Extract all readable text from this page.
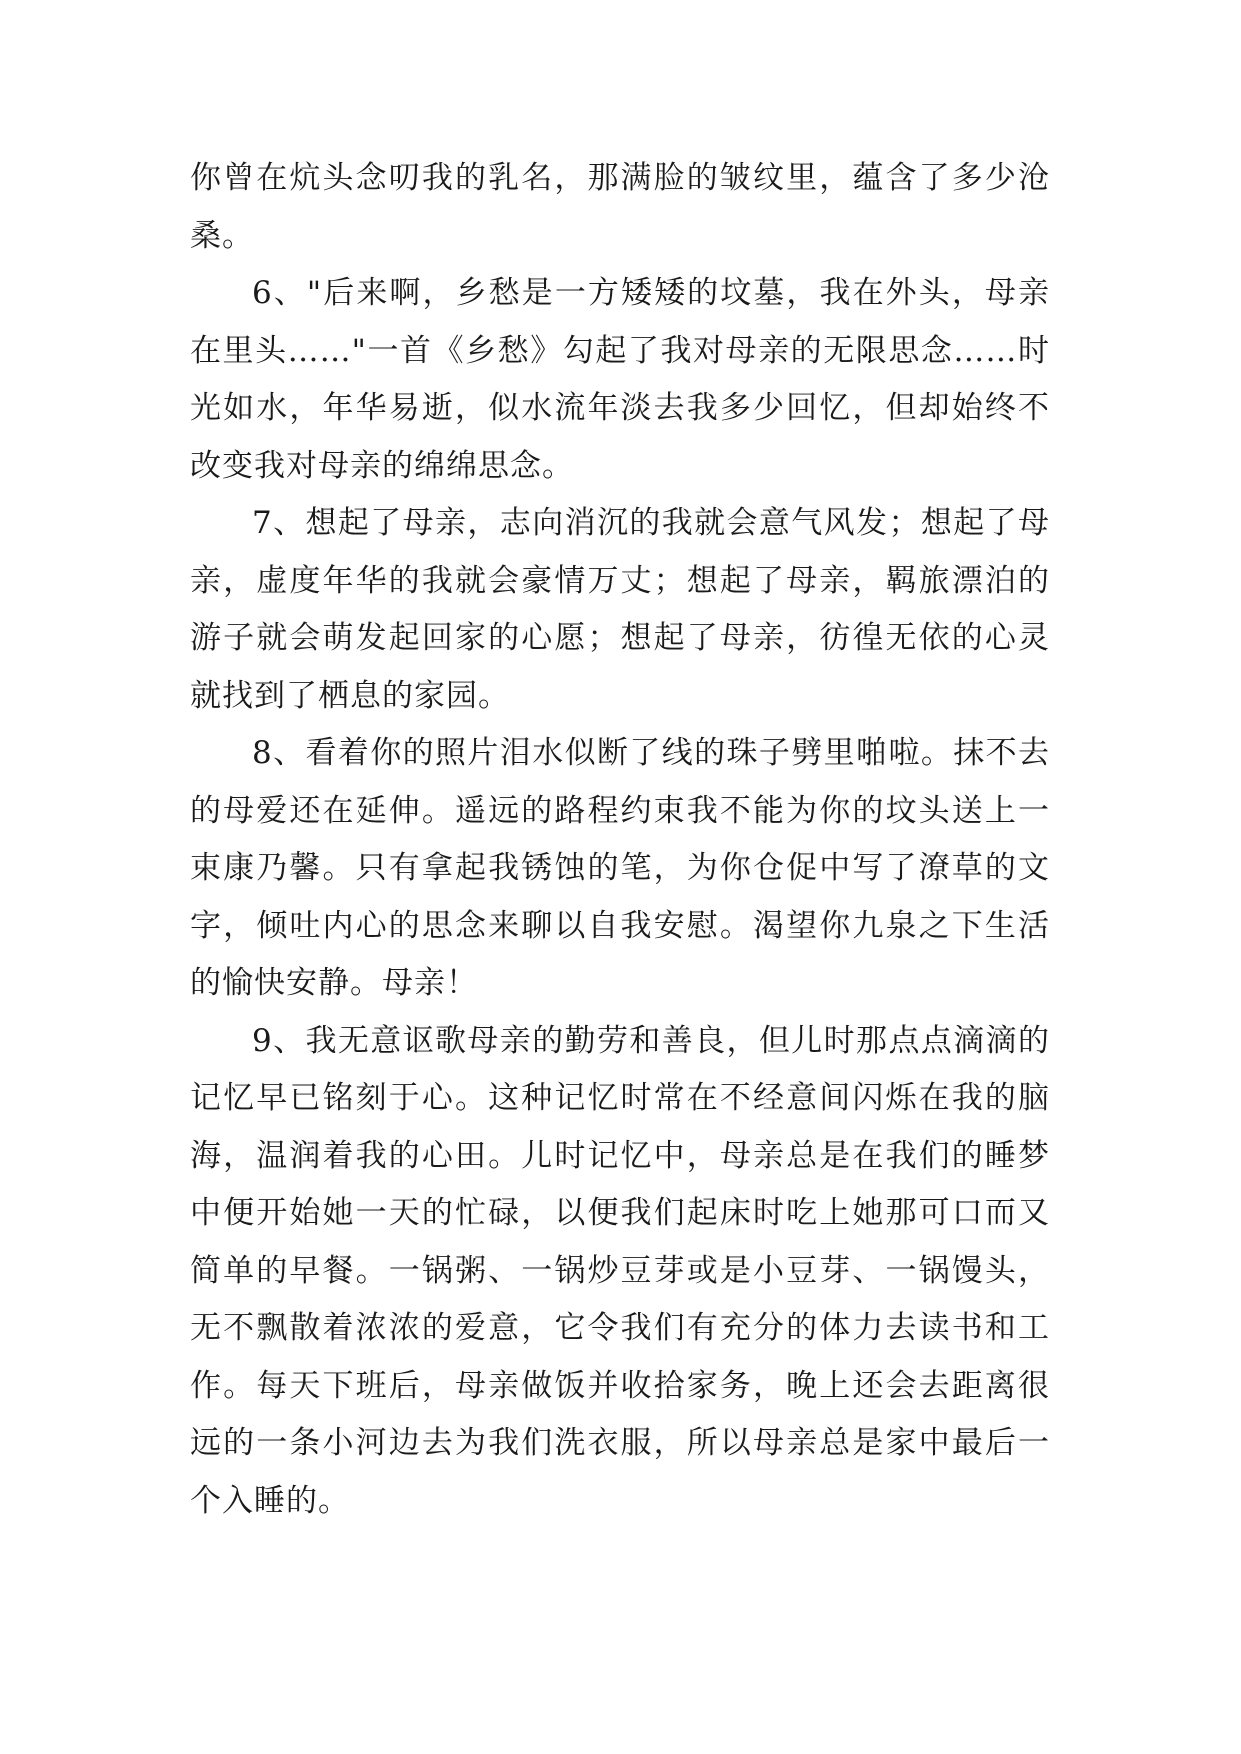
你曾在炕头念叨我的乳名，那满脸的皱纹里，蕴含了多少沧桑。

6、"后来啊，乡愁是一方矮矮的坟墓，我在外头，母亲在里头……"一首《乡愁》勾起了我对母亲的无限思念……时光如水，年华易逝，似水流年淡去我多少回忆，但却始终不改变我对母亲的绵绵思念。

7、想起了母亲，志向消沉的我就会意气风发；想起了母亲，虚度年华的我就会豪情万丈；想起了母亲，羁旅漂泊的游子就会萌发起回家的心愿；想起了母亲，彷徨无依的心灵就找到了栖息的家园。

8、看着你的照片泪水似断了线的珠子劈里啪啦。抹不去的母爱还在延伸。遥远的路程约束我不能为你的坟头送上一束康乃馨。只有拿起我锈蚀的笔，为你仓促中写了潦草的文字，倾吐内心的思念来聊以自我安慰。渴望你九泉之下生活的愉快安静。母亲！

9、我无意讴歌母亲的勤劳和善良，但儿时那点点滴滴的记忆早已铭刻于心。这种记忆时常在不经意间闪烁在我的脑海，温润着我的心田。儿时记忆中，母亲总是在我们的睡梦中便开始她一天的忙碌，以便我们起床时吃上她那可口而又简单的早餐。一锅粥、一锅炒豆芽或是小豆芽、一锅馒头，无不飘散着浓浓的爱意，它令我们有充分的体力去读书和工作。每天下班后，母亲做饭并收拾家务，晚上还会去距离很远的一条小河边去为我们洗衣服，所以母亲总是家中最后一个入睡的。
